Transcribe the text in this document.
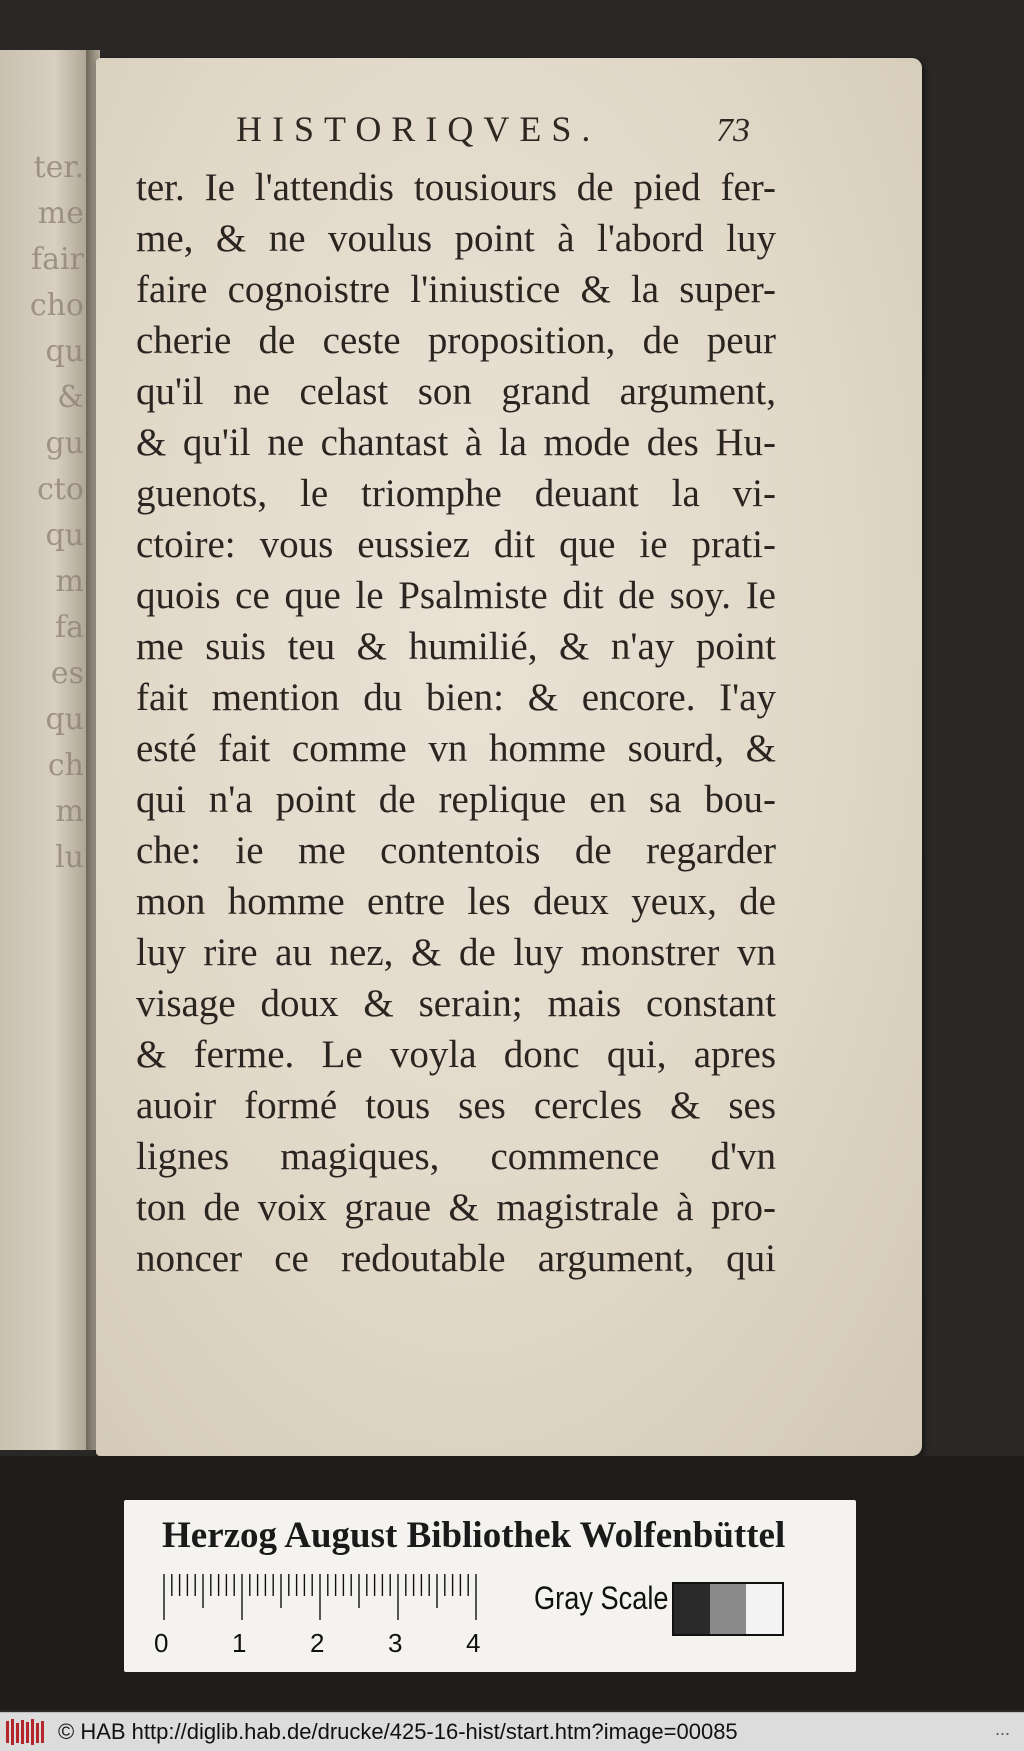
ter.
me
fair
cho
qu
&
gu
cto
qu
m
fa
es
qu
ch
m
lu
HISTORIQVES.	73
ter. Ie l'attendis tousiours de pied fer-
me, & ne voulus point à l'abord luy
faire cognoistre l'iniustice & la super-
cherie de ceste proposition, de peur
qu'il ne celast son grand argument,
& qu'il ne chantast à la mode des Hu-
guenots, le triomphe deuant la vi-
ctoire: vous eussiez dit que ie prati-
quois ce que le Psalmiste dit de soy. Ie
me suis teu & humilié, & n'ay point
fait mention du bien: & encore. I'ay
esté fait comme vn homme sourd, &
qui n'a point de replique en sa bou-
che: ie me contentois de regarder
mon homme entre les deux yeux, de
luy rire au nez, & de luy monstrer vn
visage doux & serain; mais constant
& ferme. Le voyla donc qui, apres
auoir formé tous ses cercles & ses
lignes magiques, commence d'vn
ton de voix graue & magistrale à pro-
noncer ce redoutable argument, qui
Herzog August Bibliothek Wolfenbüttel
0 1 2 3 4
Gray Scale
© HAB http://diglib.hab.de/drucke/425-16-hist/start.htm?image=00085	...
